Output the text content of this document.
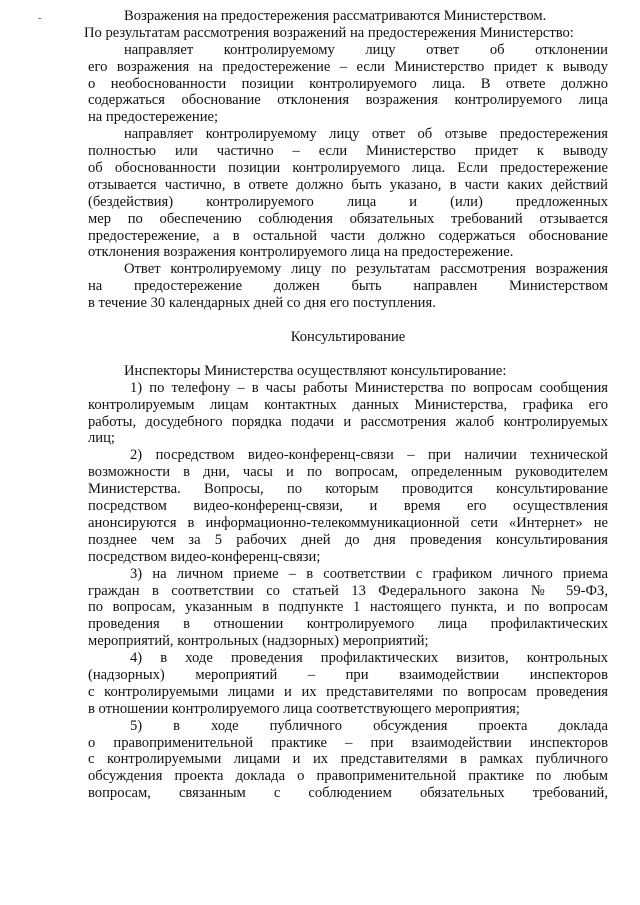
-	Возражения на предостережения рассматриваются Министерством.
По результатам рассмотрения возражений на предостережения Министерство:
направляет контролируемому лицу ответ об отклонении
его возражения на предостережение – если Министерство придет к выводу
о необоснованности позиции контролируемого лица. В ответе должно
содержаться обоснование отклонения возражения контролируемого лица
на предостережение;
направляет контролируемому лицу ответ об отзыве предостережения
полностью или частично – если Министерство придет к выводу
об обоснованности позиции контролируемого лица. Если предостережение
отзывается частично, в ответе должно быть указано, в части каких действий
(бездействия) контролируемого лица и (или) предложенных
мер по обеспечению соблюдения обязательных требований отзывается
предостережение, а в остальной части должно содержаться обоснование
отклонения возражения контролируемого лица на предостережение.
Ответ контролируемому лицу по результатам рассмотрения возражения
на предостережение должен быть направлен Министерством
в течение 30 календарных дней со дня его поступления.
Консультирование
Инспекторы Министерства осуществляют консультирование:
1) по телефону – в часы работы Министерства по вопросам сообщения
контролируемым лицам контактных данных Министерства, графика его
работы, досудебного порядка подачи и рассмотрения жалоб контролируемых
лиц;
2) посредством видео-конференц-связи – при наличии технической
возможности в дни, часы и по вопросам, определенным руководителем
Министерства. Вопросы, по которым проводится консультирование
посредством видео-конференц-связи, и время его осуществления
анонсируются в информационно-телекоммуникационной сети «Интернет» не
позднее чем за 5 рабочих дней до дня проведения консультирования
посредством видео-конференц-связи;
3) на личном приеме – в соответствии с графиком личного приема
граждан в соответствии со статьей 13 Федерального закона № 59-ФЗ,
по вопросам, указанным в подпункте 1 настоящего пункта, и по вопросам
проведения в отношении контролируемого лица профилактических
мероприятий, контрольных (надзорных) мероприятий;
4) в ходе проведения профилактических визитов, контрольных
(надзорных) мероприятий – при взаимодействии инспекторов
с контролируемыми лицами и их представителями по вопросам проведения
в отношении контролируемого лица соответствующего мероприятия;
5) в ходе публичного обсуждения проекта доклада
о правоприменительной практике – при взаимодействии инспекторов
с контролируемыми лицами и их представителями в рамках публичного
обсуждения проекта доклада о правоприменительной практике по любым
вопросам, связанным с соблюдением обязательных требований,
